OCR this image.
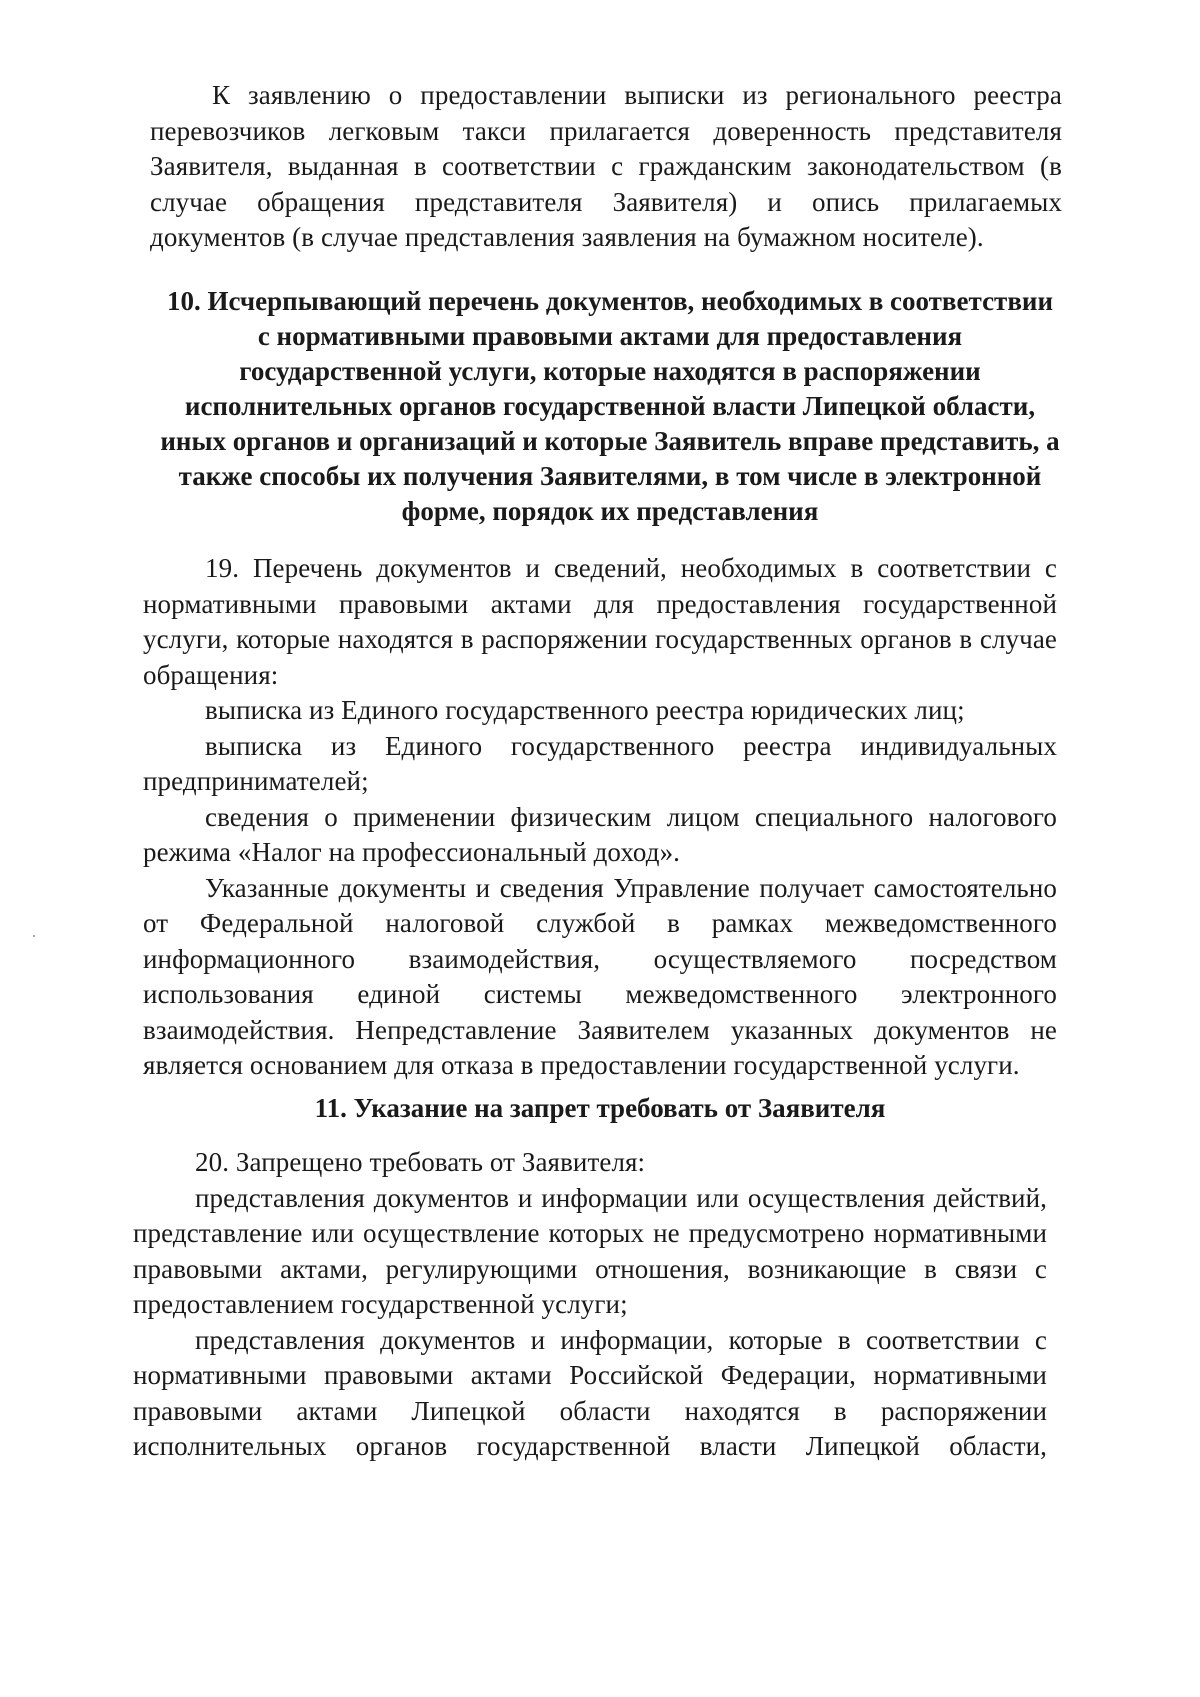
К заявлению о предоставлении выписки из регионального реестра перевозчиков легковым такси прилагается доверенность представителя Заявителя, выданная в соответствии с гражданским законодательством (в случае обращения представителя Заявителя) и опись прилагаемых документов (в случае представления заявления на бумажном носителе).

10. Исчерпывающий перечень документов, необходимых в соответствии с нормативными правовыми актами для предоставления государственной услуги, которые находятся в распоряжении исполнительных органов государственной власти Липецкой области, иных органов и организаций и которые Заявитель вправе представить, а также способы их получения Заявителями, в том числе в электронной форме, порядок их представления

19. Перечень документов и сведений, необходимых в соответствии с нормативными правовыми актами для предоставления государственной услуги, которые находятся в распоряжении государственных органов в случае обращения:

выписка из Единого государственного реестра юридических лиц;

выписка из Единого государственного реестра индивидуальных предпринимателей;

сведения о применении физическим лицом специального налогового режима «Налог на профессиональный доход».

Указанные документы и сведения Управление получает самостоятельно от Федеральной налоговой службой в рамках межведомственного информационного взаимодействия, осуществляемого посредством использования единой системы межведомственного электронного взаимодействия. Непредставление Заявителем указанных документов не является основанием для отказа в предоставлении государственной услуги.

11. Указание на запрет требовать от Заявителя

20. Запрещено требовать от Заявителя:

представления документов и информации или осуществления действий, представление или осуществление которых не предусмотрено нормативными правовыми актами, регулирующими отношения, возникающие в связи с предоставлением государственной услуги;

представления документов и информации, которые в соответствии с нормативными правовыми актами Российской Федерации, нормативными правовыми актами Липецкой области находятся в распоряжении исполнительных органов государственной власти Липецкой области,
